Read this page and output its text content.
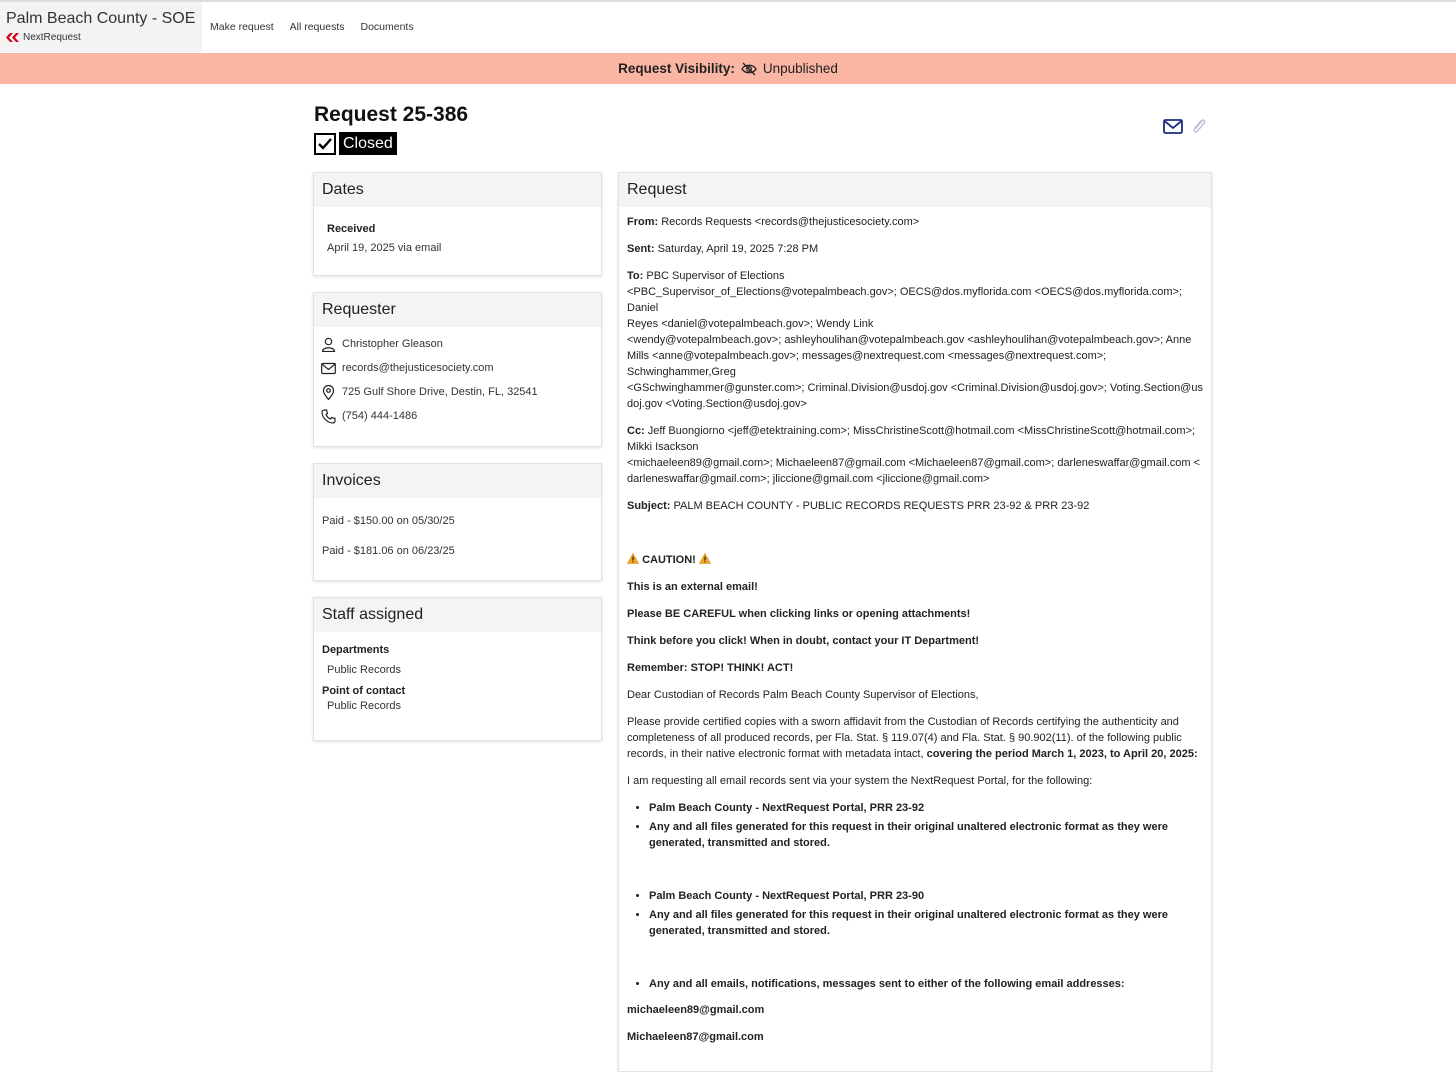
Palm Beach County - SOE
NextRequest
Make request All requests Documents
Request Visibility: Unpublished
Request 25-386
Closed
Dates
Received
April 19, 2025 via email
Requester
Christopher Gleason
records@thejusticesociety.com
725 Gulf Shore Drive, Destin, FL, 32541
(754) 444-1486
Invoices
Paid - $150.00 on 05/30/25
Paid - $181.06 on 06/23/25
Staff assigned
Departments
Public Records
Point of contact
Public Records
Request

From: Records Requests <records@thejusticesociety.com>

Sent: Saturday, April 19, 2025 7:28 PM

To: PBC Supervisor of Elections
<PBC_Supervisor_of_Elections@votepalmbeach.gov>; OECS@dos.myflorida.com <OECS@dos.myflorida.com>; Daniel
Reyes <daniel@votepalmbeach.gov>; Wendy Link
<wendy@votepalmbeach.gov>; ashleyhoulihan@votepalmbeach.gov <ashleyhoulihan@votepalmbeach.gov>; Anne
Mills <anne@votepalmbeach.gov>; messages@nextrequest.com <messages@nextrequest.com>;
Schwinghammer,Greg
<GSchwinghammer@gunster.com>; Criminal.Division@usdoj.gov <Criminal.Division@usdoj.gov>; Voting.Section@us
doj.gov <Voting.Section@usdoj.gov>

Cc: Jeff Buongiorno <jeff@etektraining.com>; MissChristineScott@hotmail.com <MissChristineScott@hotmail.com>;
Mikki Isackson
<michaeleen89@gmail.com>; Michaeleen87@gmail.com <Michaeleen87@gmail.com>; darleneswaffar@gmail.com <
darleneswaffar@gmail.com>; jliccione@gmail.com <jliccione@gmail.com>

Subject: PALM BEACH COUNTY - PUBLIC RECORDS REQUESTS PRR 23-92 & PRR 23-92

CAUTION!

This is an external email!

Please BE CAREFUL when clicking links or opening attachments!

Think before you click! When in doubt, contact your IT Department!

Remember: STOP! THINK! ACT!

Dear Custodian of Records Palm Beach County Supervisor of Elections,

Please provide certified copies with a sworn affidavit from the Custodian of Records certifying the authenticity and completeness of all produced records, per Fla. Stat. § 119.07(4) and Fla. Stat. § 90.902(11). of the following public records, in their native electronic format with metadata intact, covering the period March 1, 2023, to April 20, 2025:

I am requesting all email records sent via your system the NextRequest Portal, for the following:

• Palm Beach County - NextRequest Portal, PRR 23-92
• Any and all files generated for this request in their original unaltered electronic format as they were generated, transmitted and stored.
• Palm Beach County - NextRequest Portal, PRR 23-90
• Any and all files generated for this request in their original unaltered electronic format as they were generated, transmitted and stored.
• Any and all emails, notifications, messages sent to either of the following email addresses:

michaeleen89@gmail.com

Michaeleen87@gmail.com
